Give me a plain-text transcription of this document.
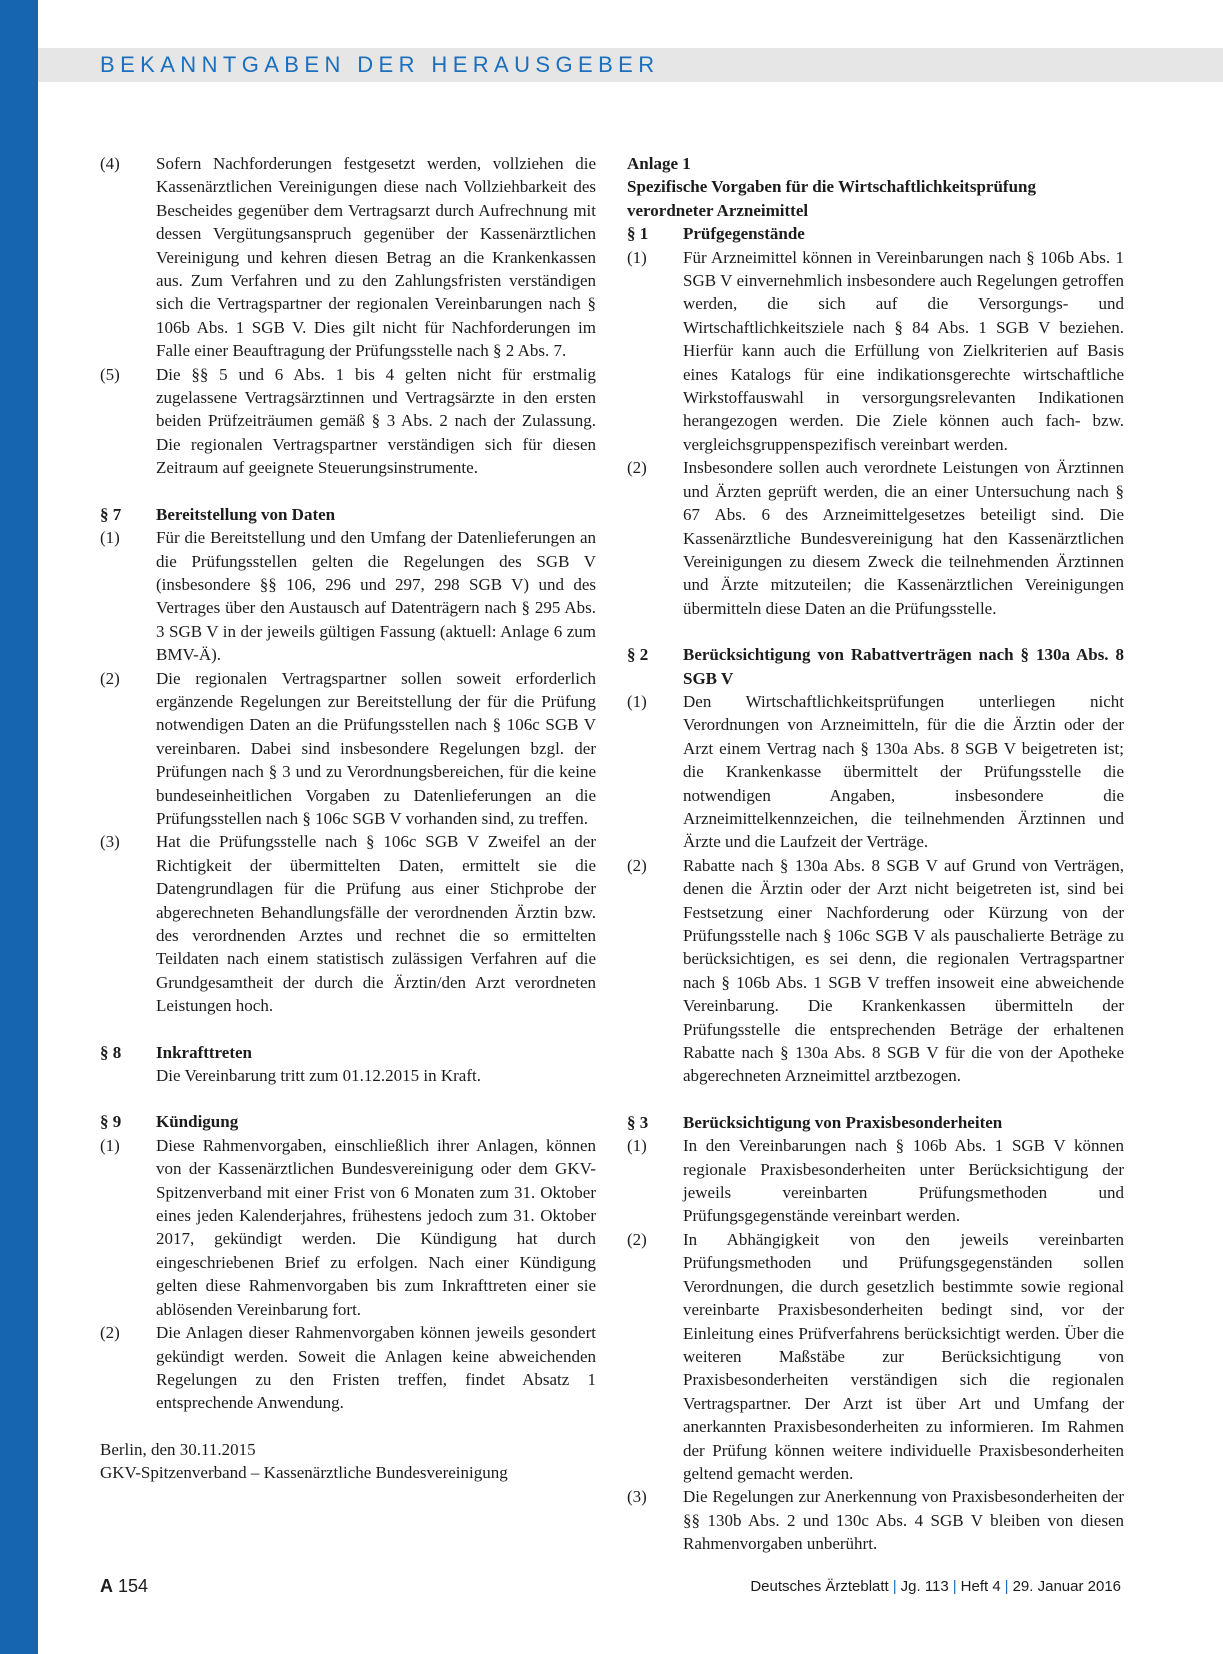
BEKANNTGABEN DER HERAUSGEBER
(4)	Sofern Nachforderungen festgesetzt werden, vollziehen die Kassenärztlichen Vereinigungen diese nach Vollziehbarkeit des Bescheides gegenüber dem Vertragsarzt durch Aufrechnung mit dessen Vergütungsanspruch gegenüber der Kassenärztlichen Vereinigung und kehren diesen Betrag an die Krankenkassen aus. Zum Verfahren und zu den Zahlungsfristen verständigen sich die Vertragspartner der regionalen Vereinbarungen nach § 106b Abs. 1 SGB V. Dies gilt nicht für Nachforderungen im Falle einer Beauftragung der Prüfungsstelle nach § 2 Abs. 7.
(5)	Die §§ 5 und 6 Abs. 1 bis 4 gelten nicht für erstmalig zugelassene Vertragsärztinnen und Vertragsärzte in den ersten beiden Prüfzeiträumen gemäß § 3 Abs. 2 nach der Zulassung. Die regionalen Vertragspartner verständigen sich für diesen Zeitraum auf geeignete Steuerungsinstrumente.
§ 7	Bereitstellung von Daten
(1)	Für die Bereitstellung und den Umfang der Datenlieferungen an die Prüfungsstellen gelten die Regelungen des SGB V (insbesondere §§ 106, 296 und 297, 298 SGB V) und des Vertrages über den Austausch auf Datenträgern nach § 295 Abs. 3 SGB V in der jeweils gültigen Fassung (aktuell: Anlage 6 zum BMV-Ä).
(2)	Die regionalen Vertragspartner sollen soweit erforderlich ergänzende Regelungen zur Bereitstellung der für die Prüfung notwendigen Daten an die Prüfungsstellen nach § 106c SGB V vereinbaren. Dabei sind insbesondere Regelungen bzgl. der Prüfungen nach § 3 und zu Verordnungsbereichen, für die keine bundeseinheitlichen Vorgaben zu Datenlieferungen an die Prüfungsstellen nach § 106c SGB V vorhanden sind, zu treffen.
(3)	Hat die Prüfungsstelle nach § 106c SGB V Zweifel an der Richtigkeit der übermittelten Daten, ermittelt sie die Datengrundlagen für die Prüfung aus einer Stichprobe der abgerechneten Behandlungsfälle der verordnenden Ärztin bzw. des verordnenden Arztes und rechnet die so ermittelten Teildaten nach einem statistisch zulässigen Verfahren auf die Grundgesamtheit der durch die Ärztin/den Arzt verordneten Leistungen hoch.
§ 8	Inkrafttreten
Die Vereinbarung tritt zum 01.12.2015 in Kraft.
§ 9	Kündigung
(1)	Diese Rahmenvorgaben, einschließlich ihrer Anlagen, können von der Kassenärztlichen Bundesvereinigung oder dem GKV-Spitzenverband mit einer Frist von 6 Monaten zum 31. Oktober eines jeden Kalenderjahres, frühestens jedoch zum 31. Oktober 2017, gekündigt werden. Die Kündigung hat durch eingeschriebenen Brief zu erfolgen. Nach einer Kündigung gelten diese Rahmenvorgaben bis zum Inkrafttreten einer sie ablösenden Vereinbarung fort.
(2)	Die Anlagen dieser Rahmenvorgaben können jeweils gesondert gekündigt werden. Soweit die Anlagen keine abweichenden Regelungen zu den Fristen treffen, findet Absatz 1 entsprechende Anwendung.
Berlin, den 30.11.2015
GKV-Spitzenverband – Kassenärztliche Bundesvereinigung
Anlage 1
Spezifische Vorgaben für die Wirtschaftlichkeitsprüfung verordneter Arzneimittel
§ 1	Prüfgegenstände
(1)	Für Arzneimittel können in Vereinbarungen nach § 106b Abs. 1 SGB V einvernehmlich insbesondere auch Regelungen getroffen werden, die sich auf die Versorgungs- und Wirtschaftlichkeitsziele nach § 84 Abs. 1 SGB V beziehen. Hierfür kann auch die Erfüllung von Zielkriterien auf Basis eines Katalogs für eine indikationsgerechte wirtschaftliche Wirkstoffauswahl in versorgungsrelevanten Indikationen herangezogen werden. Die Ziele können auch fach- bzw. vergleichsgruppenspezifisch vereinbart werden.
(2)	Insbesondere sollen auch verordnete Leistungen von Ärztinnen und Ärzten geprüft werden, die an einer Untersuchung nach § 67 Abs. 6 des Arzneimittelgesetzes beteiligt sind. Die Kassenärztliche Bundesvereinigung hat den Kassenärztlichen Vereinigungen zu diesem Zweck die teilnehmenden Ärztinnen und Ärzte mitzuteilen; die Kassenärztlichen Vereinigungen übermitteln diese Daten an die Prüfungsstelle.
§ 2	Berücksichtigung von Rabattverträgen nach § 130a Abs. 8 SGB V
(1)	Den Wirtschaftlichkeitsprüfungen unterliegen nicht Verordnungen von Arzneimitteln, für die die Ärztin oder der Arzt einem Vertrag nach § 130a Abs. 8 SGB V beigetreten ist; die Krankenkasse übermittelt der Prüfungsstelle die notwendigen Angaben, insbesondere die Arzneimittelkennzeichen, die teilnehmenden Ärztinnen und Ärzte und die Laufzeit der Verträge.
(2)	Rabatte nach § 130a Abs. 8 SGB V auf Grund von Verträgen, denen die Ärztin oder der Arzt nicht beigetreten ist, sind bei Festsetzung einer Nachforderung oder Kürzung von der Prüfungsstelle nach § 106c SGB V als pauschalierte Beträge zu berücksichtigen, es sei denn, die regionalen Vertragspartner nach § 106b Abs. 1 SGB V treffen insoweit eine abweichende Vereinbarung. Die Krankenkassen übermitteln der Prüfungsstelle die entsprechenden Beträge der erhaltenen Rabatte nach § 130a Abs. 8 SGB V für die von der Apotheke abgerechneten Arzneimittel arztbezogen.
§ 3	Berücksichtigung von Praxisbesonderheiten
(1)	In den Vereinbarungen nach § 106b Abs. 1 SGB V können regionale Praxisbesonderheiten unter Berücksichtigung der jeweils vereinbarten Prüfungsmethoden und Prüfungsgegenstände vereinbart werden.
(2)	In Abhängigkeit von den jeweils vereinbarten Prüfungsmethoden und Prüfungsgegenständen sollen Verordnungen, die durch gesetzlich bestimmte sowie regional vereinbarte Praxisbesonderheiten bedingt sind, vor der Einleitung eines Prüfverfahrens berücksichtigt werden. Über die weiteren Maßstäbe zur Berücksichtigung von Praxisbesonderheiten verständigen sich die regionalen Vertragspartner. Der Arzt ist über Art und Umfang der anerkannten Praxisbesonderheiten zu informieren. Im Rahmen der Prüfung können weitere individuelle Praxisbesonderheiten geltend gemacht werden.
(3)	Die Regelungen zur Anerkennung von Praxisbesonderheiten der §§ 130b Abs. 2 und 130c Abs. 4 SGB V bleiben von diesen Rahmenvorgaben unberührt.
A 154	Deutsches Ärzteblatt | Jg. 113 | Heft 4 | 29. Januar 2016
